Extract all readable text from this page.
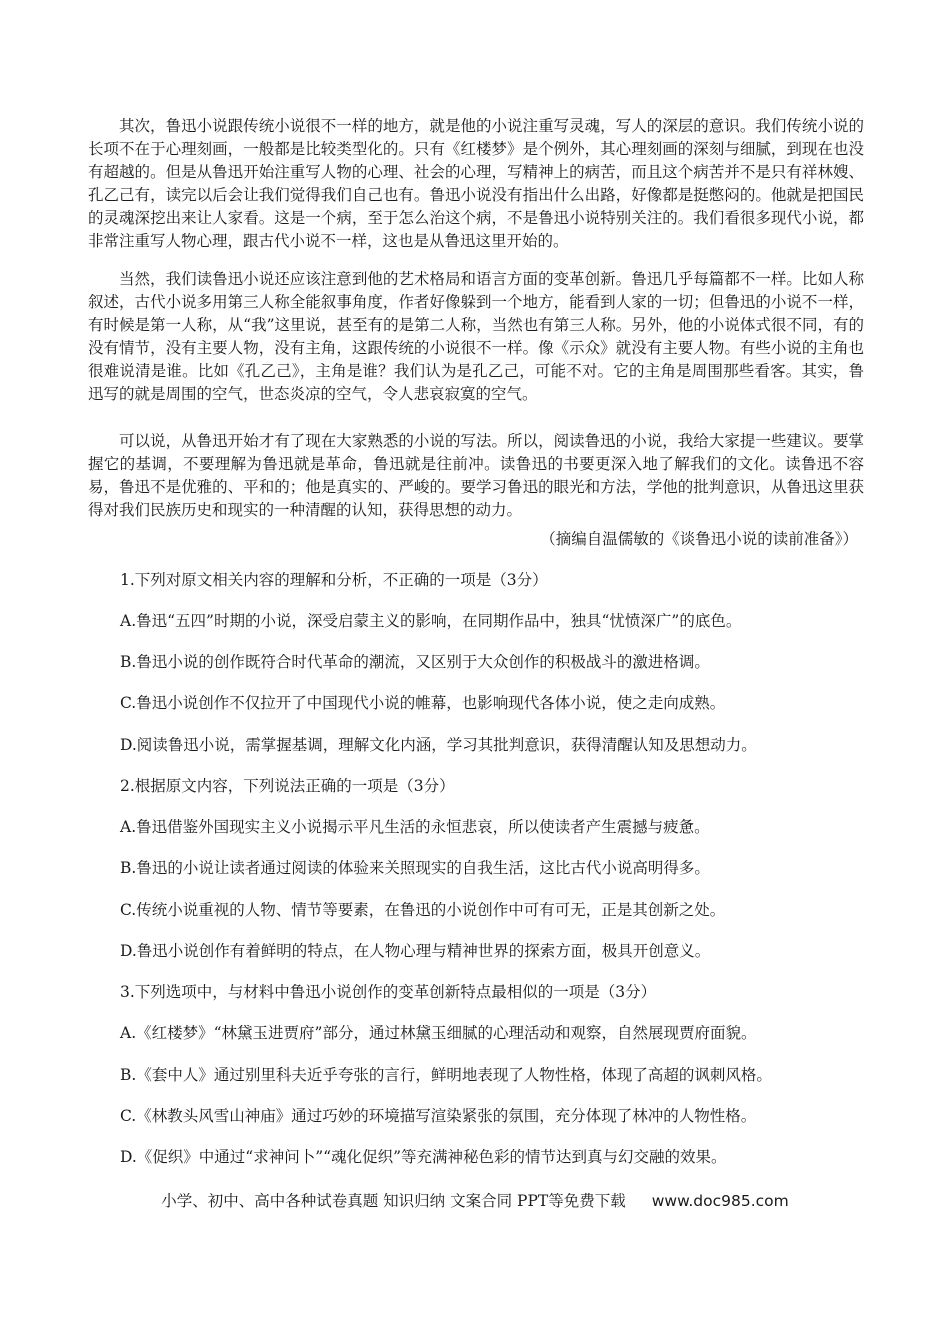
其次，鲁迅小说跟传统小说很不一样的地方，就是他的小说注重写灵魂，写人的深层的意识。我们传统小说的长项不在于心理刻画，一般都是比较类型化的。只有《红楼梦》是个例外，其心理刻画的深刻与细腻，到现在也没有超越的。但是从鲁迅开始注重写人物的心理、社会的心理，写精神上的病苦，而且这个病苦并不是只有祥林嫂、孔乙己有，读完以后会让我们觉得我们自己也有。鲁迅小说没有指出什么出路，好像都是挺憋闷的。他就是把国民的灵魂深挖出来让人家看。这是一个病，至于怎么治这个病，不是鲁迅小说特别关注的。我们看很多现代小说，都非常注重写人物心理，跟古代小说不一样，这也是从鲁迅这里开始的。

当然，我们读鲁迅小说还应该注意到他的艺术格局和语言方面的变革创新。鲁迅几乎每篇都不一样。比如人称叙述，古代小说多用第三人称全能叙事角度，作者好像躲到一个地方，能看到人家的一切；但鲁迅的小说不一样，有时候是第一人称，从“我”这里说，甚至有的是第二人称，当然也有第三人称。另外，他的小说体式很不同，有的没有情节，没有主要人物，没有主角，这跟传统的小说很不一样。像《示众》就没有主要人物。有些小说的主角也很难说清是谁。比如《孔乙己》，主角是谁？我们认为是孔乙己，可能不对。它的主角是周围那些看客。其实，鲁迅写的就是周围的空气，世态炎凉的空气，令人悲哀寂寞的空气。

可以说，从鲁迅开始才有了现在大家熟悉的小说的写法。所以，阅读鲁迅的小说，我给大家提一些建议。要掌握它的基调，不要理解为鲁迅就是革命，鲁迅就是往前冲。读鲁迅的书要更深入地了解我们的文化。读鲁迅不容易，鲁迅不是优雅的、平和的；他是真实的、严峻的。要学习鲁迅的眼光和方法，学他的批判意识，从鲁迅这里获得对我们民族历史和现实的一种清醒的认知，获得思想的动力。

（摘编自温儒敏的《谈鲁迅小说的读前准备》）
1.下列对原文相关内容的理解和分析，不正确的一项是（3分）
A.鲁迅“五四”时期的小说，深受启蒙主义的影响，在同期作品中，独具“忧愤深广”的底色。
B.鲁迅小说的创作既符合时代革命的潮流，又区别于大众创作的积极战斗的激进格调。
C.鲁迅小说创作不仅拉开了中国现代小说的帷幕，也影响现代各体小说，使之走向成熟。
D.阅读鲁迅小说，需掌握基调，理解文化内涵，学习其批判意识，获得清醒认知及思想动力。
2.根据原文内容，下列说法正确的一项是（3分）
A.鲁迅借鉴外国现实主义小说揭示平凡生活的永恒悲哀，所以使读者产生震撼与疲惫。
B.鲁迅的小说让读者通过阅读的体验来关照现实的自我生活，这比古代小说高明得多。
C.传统小说重视的人物、情节等要素，在鲁迅的小说创作中可有可无，正是其创新之处。
D.鲁迅小说创作有着鲜明的特点，在人物心理与精神世界的探索方面，极具开创意义。
3.下列选项中，与材料中鲁迅小说创作的变革创新特点最相似的一项是（3分）
A.《红楼梦》“林黛玉进贾府”部分，通过林黛玉细腻的心理活动和观察，自然展现贾府面貌。
B.《套中人》通过别里科夫近乎夸张的言行，鲜明地表现了人物性格，体现了高超的讽刺风格。
C.《林教头风雪山神庙》通过巧妙的环境描写渲染紧张的氛围，充分体现了林冲的人物性格。
D.《促织》中通过“求神问卜”“魂化促织”等充满神秘色彩的情节达到真与幻交融的效果。
小学、初中、高中各种试卷真题 知识归纳 文案合同 PPT等免费下载 www.doc985.com
